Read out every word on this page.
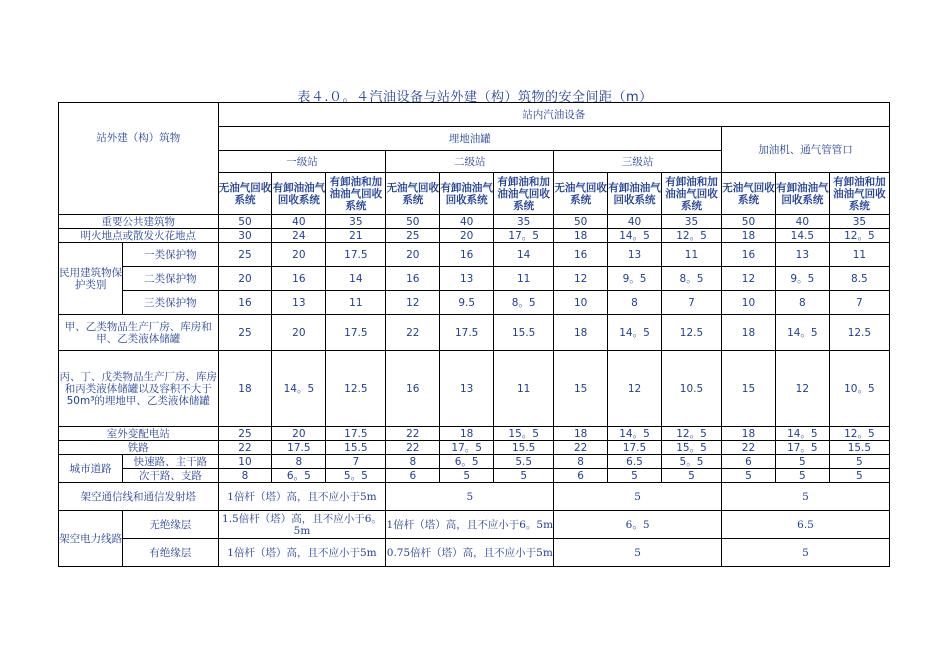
表４.０。４汽油设备与站外建（构）筑物的安全间距（m）
站外建（构）筑物		站内汽油设备											
		埋地油罐									加油机、通气管管口		
		一级站			二级站			三级站					
		无油气回收系统	有卸油油气回收系统	有卸油和加油油气回收系统	无油气回收系统	有卸油油气回收系统	有卸油和加油油气回收系统	无油气回收系统	有卸油油气回收系统	有卸油和加油油气回收系统	无油气回收系统	有卸油油气回收系统	有卸油和加油油气回收系统
重要公共建筑物		50	40	35	50	40	35	50	40	35	50	40	35
明火地点或散发火花地点		30	24	21	25	20	17。5	18	14。5	12。5	18	14.5	12。5
民用建筑物保护类别	一类保护物	25	20	17.5	20	16	14	16	13	11	16	13	11
	二类保护物	20	16	14	16	13	11	12	9。5	8。5	12	9。5	8.5
	三类保护物	16	13	11	12	9.5	8。5	10	8	7	10	8	7
甲、乙类物品生产厂房、库房和甲、乙类液体储罐		25	20	17.5	22	17.5	15.5	18	14。5	12.5	18	14。5	12.5
丙、丁、戊类物品生产厂房、库房和丙类液体储罐以及容积不大于50m³的埋地甲、乙类液体储罐		18	14。5	12.5	16	13	11	15	12	10.5	15	12	10。5
室外变配电站		25	20	17.5	22	18	15。5	18	14。5	12。5	18	14。5	12。5
铁路		22	17.5	15.5	22	17。5	15.5	22	17.5	15。5	22	17。5	15.5
城市道路	快速路、主干路	10	8	7	8	6。5	5.5	8	6.5	5。5	6	5	5
	次干路、支路	8	6。5	5。5	6	5	5	6	5	5	5	5	5
架空通信线和通信发射塔		1倍杆（塔）高，且不应小于5m			5			5			5		
架空电力线路	无绝缘层	1.5倍杆（塔）高，且不应小于6。5m			1倍杆（塔）高，且不应小于6。5m			6。5			6.5		
	有绝缘层	1倍杆（塔）高，且不应小于5m			0.75倍杆（塔）高，且不应小于5m			5			5		
